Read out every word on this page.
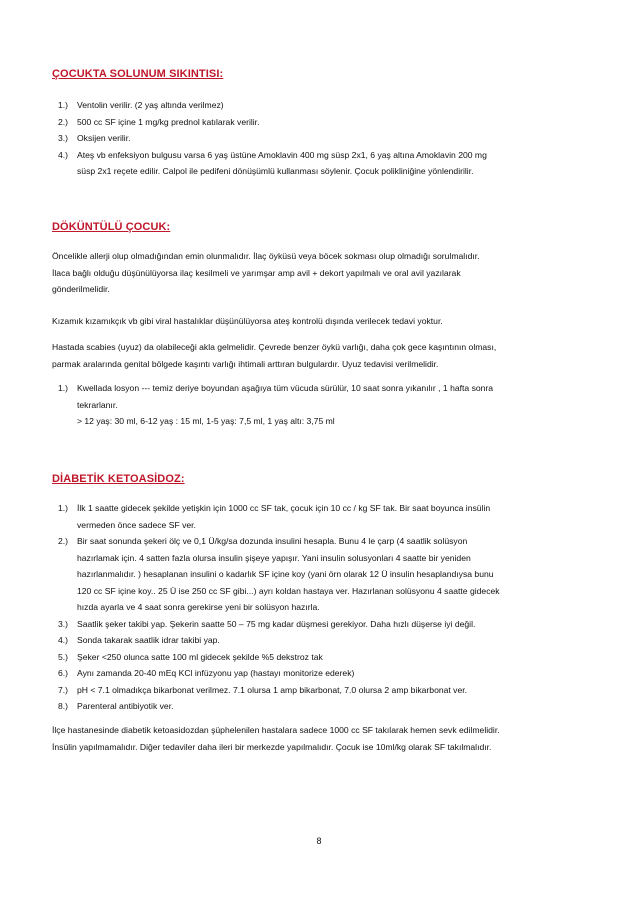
ÇOCUKTA SOLUNUM SIKINTISI:
1.)	Ventolin verilir. (2 yaş altında verilmez)
2.)	500 cc SF içine 1 mg/kg prednol katılarak verilir.
3.)	Oksijen verilir.
4.)	Ateş vb enfeksiyon bulgusu varsa 6 yaş üstüne Amoklavin 400 mg süsp 2x1, 6 yaş altına Amoklavin 200 mg
süsp 2x1 reçete edilir. Calpol ile pedifeni dönüşümlü kullanması söylenir. Çocuk polikliniğine yönlendirilir.
DÖKÜNTÜLÜ ÇOCUK:
Öncelikle allerji olup olmadığından emin olunmalıdır. İlaç öyküsü veya böcek sokması olup olmadığı sorulmalıdır.
İlaca bağlı olduğu düşünülüyorsa ilaç kesilmeli ve yarımşar amp avil + dekort yapılmalı ve oral avil yazılarak
gönderilmelidir.
Kızamık kızamıkçık vb gibi viral hastalıklar düşünülüyorsa ateş kontrolü dışında verilecek tedavi yoktur.
Hastada scabies (uyuz) da olabileceği akla gelmelidir. Çevrede benzer öykü varlığı, daha çok gece kaşıntının olması,
parmak aralarında genital bölgede kaşıntı varlığı ihtimali arttıran bulgulardır. Uyuz tedavisi verilmelidir.
1.)	Kwellada losyon --- temiz deriye boyundan aşağıya tüm vücuda sürülür, 10 saat sonra yıkanılır , 1 hafta sonra
tekrarlanır.
> 12 yaş: 30 ml, 6-12 yaş : 15 ml, 1-5 yaş: 7,5 ml, 1 yaş altı: 3,75 ml
DİABETİK KETOASİDOZ:
1.)	İlk 1 saatte gidecek şekilde yetişkin için 1000 cc SF tak, çocuk için 10 cc / kg SF tak. Bir saat boyunca insülin
vermeden önce sadece SF ver.
2.)	Bir saat sonunda şekeri ölç ve 0,1 Ü/kg/sa dozunda insulini hesapla. Bunu 4 le çarp (4 saatlik solüsyon
hazırlamak için. 4 satten fazla olursa insulin şişeye yapışır. Yani insulin solusyonları 4 saatte bir yeniden
hazırlanmalıdır. ) hesaplanan insulini o kadarlık SF içine koy (yani örn olarak 12 Ü insulin hesaplandıysa bunu
120 cc SF içine koy.. 25 Ü ise 250 cc SF gibi...) ayrı koldan hastaya ver. Hazırlanan solüsyonu 4 saatte gidecek
hızda ayarla ve 4 saat sonra gerekirse yeni bir solüsyon hazırla.
3.)	Saatlik şeker takibi yap. Şekerin saatte 50 – 75 mg kadar düşmesi gerekiyor. Daha hızlı düşerse iyi değil.
4.)	Sonda takarak saatlik idrar takibi yap.
5.)	Şeker <250 olunca satte 100 ml gidecek şekilde %5 dekstroz tak
6.)	Aynı zamanda 20-40 mEq KCl infüzyonu yap (hastayı monitorize ederek)
7.)	pH < 7.1 olmadıkça bikarbonat verilmez. 7.1 olursa 1 amp bikarbonat, 7.0 olursa 2 amp bikarbonat ver.
8.)	Parenteral antibiyotik ver.
İlçe hastanesinde diabetik ketoasidozdan şüphelenilen hastalara sadece 1000 cc SF takılarak hemen sevk edilmelidir.
İnsülin yapılmamalıdır. Diğer tedaviler daha ileri bir merkezde yapılmalıdır. Çocuk ise 10ml/kg olarak SF takılmalıdır.
8
